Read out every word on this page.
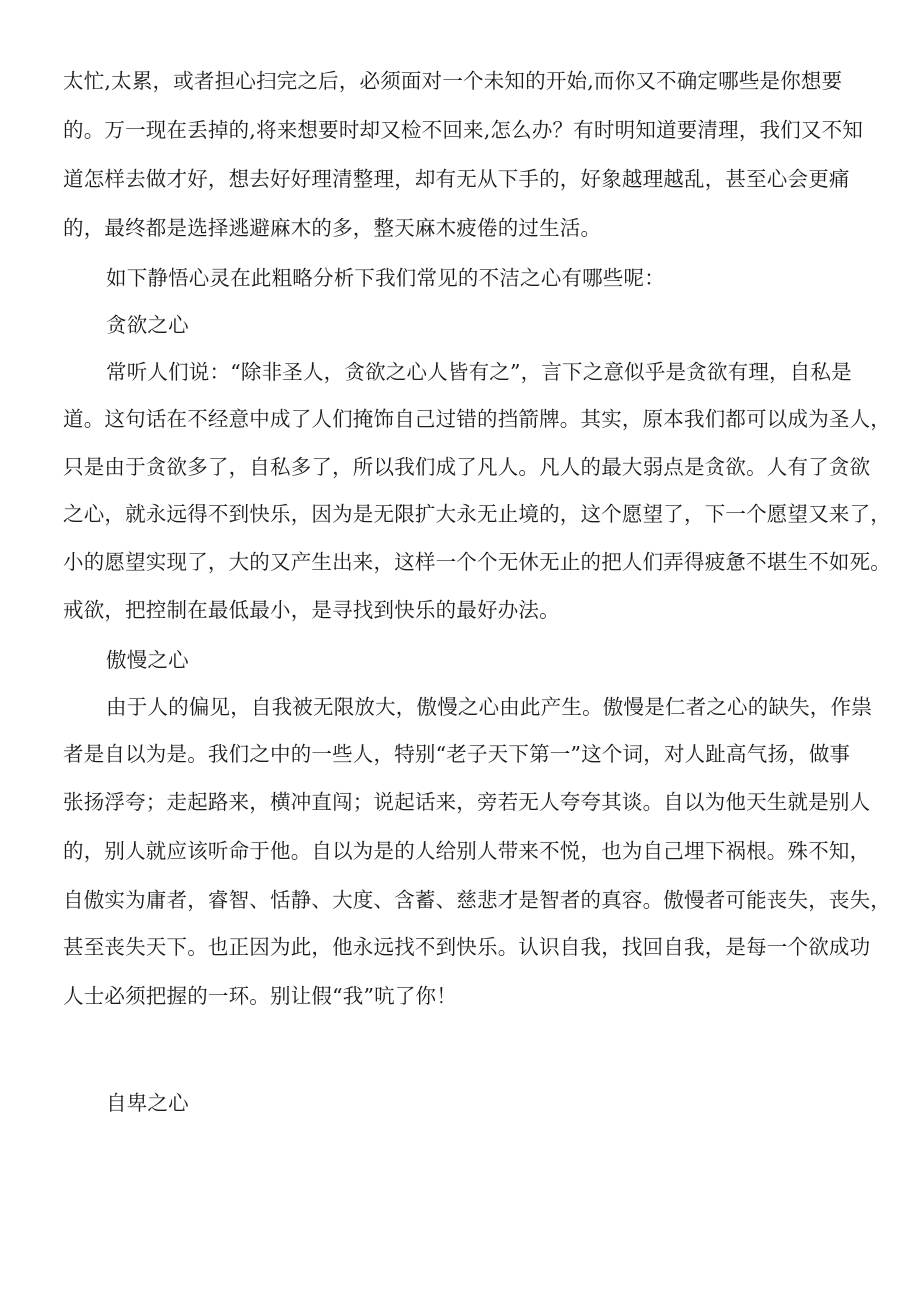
太忙,太累，或者担心扫完之后，必须面对一个未知的开始,而你又不确定哪些是你想要
的。万一现在丢掉的,将来想要时却又检不回来,怎么办？有时明知道要清理，我们又不知
道怎样去做才好，想去好好理清整理，却有无从下手的，好象越理越乱，甚至心会更痛
的，最终都是选择逃避麻木的多，整天麻木疲倦的过生活。
如下静悟心灵在此粗略分析下我们常见的不洁之心有哪些呢：
贪欲之心
常听人们说：“除非圣人，贪欲之心人皆有之”，言下之意似乎是贪欲有理，自私是
道。这句话在不经意中成了人们掩饰自己过错的挡箭牌。其实，原本我们都可以成为圣人，
只是由于贪欲多了，自私多了，所以我们成了凡人。凡人的最大弱点是贪欲。人有了贪欲
之心，就永远得不到快乐，因为是无限扩大永无止境的，这个愿望了，下一个愿望又来了，
小的愿望实现了，大的又产生出来，这样一个个无休无止的把人们弄得疲惫不堪生不如死。
戒欲，把控制在最低最小，是寻找到快乐的最好办法。
傲慢之心
由于人的偏见，自我被无限放大，傲慢之心由此产生。傲慢是仁者之心的缺失，作祟
者是自以为是。我们之中的一些人，特别“老子天下第一”这个词，对人趾高气扬，做事
张扬浮夸；走起路来，横冲直闯；说起话来，旁若无人夸夸其谈。自以为他天生就是别人
的，别人就应该听命于他。自以为是的人给别人带来不悦，也为自己埋下祸根。殊不知，
自傲实为庸者，睿智、恬静、大度、含蓄、慈悲才是智者的真容。傲慢者可能丧失，丧失，
甚至丧失天下。也正因为此，他永远找不到快乐。认识自我，找回自我，是每一个欲成功
人士必须把握的一环。别让假“我”吭了你！
自卑之心
